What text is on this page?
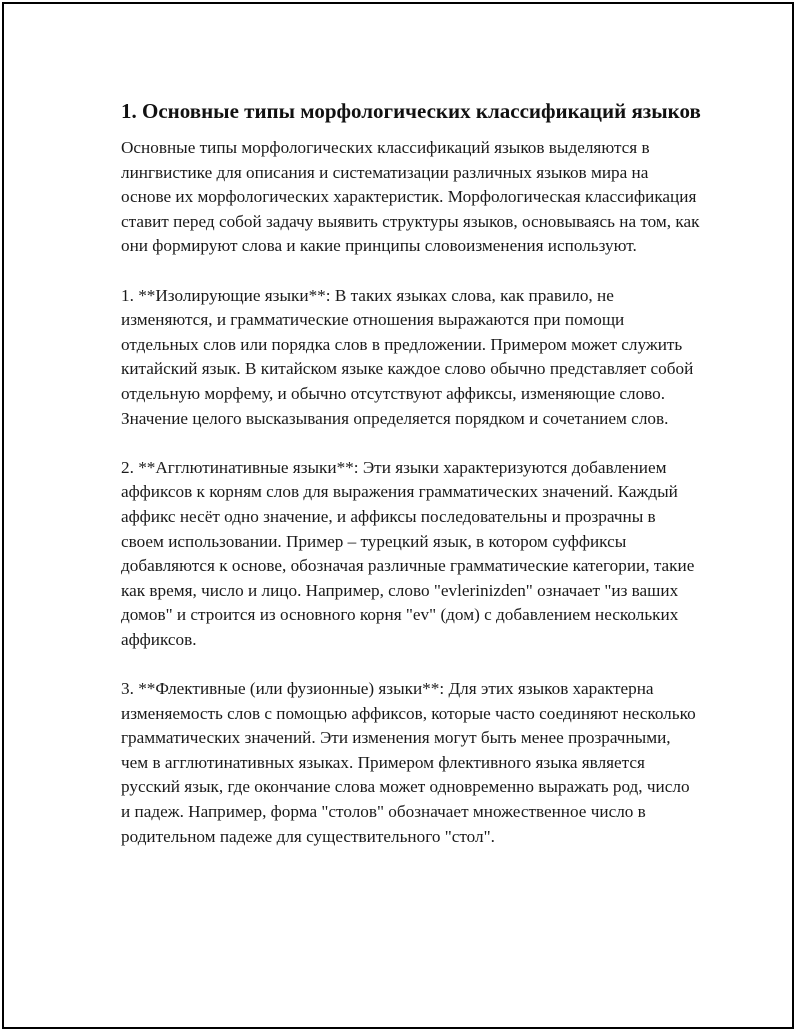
1. Основные типы морфологических классификаций языков

Основные типы морфологических классификаций языков выделяются в лингвистике для описания и систематизации различных языков мира на основе их морфологических характеристик. Морфологическая классификация ставит перед собой задачу выявить структуры языков, основываясь на том, как они формируют слова и какие принципы словоизменения используют.

1. **Изолирующие языки**: В таких языках слова, как правило, не изменяются, и грамматические отношения выражаются при помощи отдельных слов или порядка слов в предложении. Примером может служить китайский язык. В китайском языке каждое слово обычно представляет собой отдельную морфему, и обычно отсутствуют аффиксы, изменяющие слово. Значение целого высказывания определяется порядком и сочетанием слов.

2. **Агглютинативные языки**: Эти языки характеризуются добавлением аффиксов к корням слов для выражения грамматических значений. Каждый аффикс несёт одно значение, и аффиксы последовательны и прозрачны в своем использовании. Пример – турецкий язык, в котором суффиксы добавляются к основе, обозначая различные грамматические категории, такие как время, число и лицо. Например, слово "evlerinizden" означает "из ваших домов" и строится из основного корня "ev" (дом) с добавлением нескольких аффиксов.

3. **Флективные (или фузионные) языки**: Для этих языков характерна изменяемость слов с помощью аффиксов, которые часто соединяют несколько грамматических значений. Эти изменения могут быть менее прозрачными, чем в агглютинативных языках. Примером флективного языка является русский язык, где окончание слова может одновременно выражать род, число и падеж. Например, форма "столов" обозначает множественное число в родительном падеже для существительного "стол".
